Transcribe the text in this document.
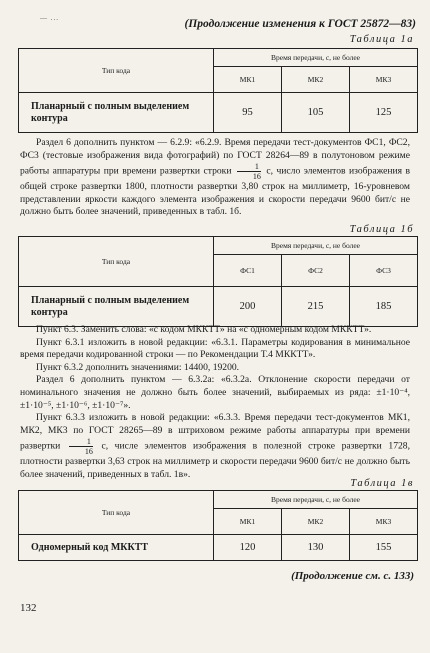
— ...	(Продолжение изменения к ГОСТ 25872—83)
Таблица 1а
Тип кода	Время передачи, с, не более		
	МК1	МК2	МК3
Планарный с полным выделением контура	95	105	125

Раздел 6 дополнить пунктом — 6.2.9: «6.2.9. Время передачи тест-документов ФС1, ФС2, ФС3 (тестовые изображения вида фотографий) по ГОСТ 28264—89 в полутоновом режиме работы аппаратуры при времени развертки строки $\frac{1}{16} с$, число элементов изображения в общей строке развертки 1800, плотности развертки 3,80 строк на миллиметр, 16-уровневом представлении яркости каждого элемента изображения и скорости передачи 9600 бит/с не должно быть более значений, приведенных в табл. 1б.

Таблица 1б
Тип кода	Время передачи, с, не более		
	ФС1	ФС2	ФС3
Планарный с полным выделением контура	200	215	185

Пункт 6.3. Заменить слова: «с кодом МККТТ» на «с одномерным кодом МККТТ».

Пункт 6.3.1 изложить в новой редакции: «6.3.1. Параметры кодирования в минимальное время передачи кодированной строки — по Рекомендации Т.4 МККТТ».

Пункт 6.3.2 дополнить значениями: 14400, 19200.

Раздел 6 дополнить пунктом — 6.3.2а: «6.3.2а. Отклонение скорости передачи от номинального значения не должно быть более значений, выбираемых из ряда: ±1·10⁻⁴, ±1·10⁻⁵, ±1·10⁻⁶, ±1·10⁻⁷».

Пункт 6.3.3 изложить в новой редакции: «6.3.3. Время передачи тест-документов МК1, МК2, МК3 по ГОСТ 28265—89 в штриховом режиме работы аппаратуры при времени развертки $\frac{1}{16} с$, числе элементов изображения в полезной строке развертки 1728, плотности развертки 3,63 строк на миллиметр и скорости передачи 9600 бит/с не должно быть более значений, приведенных в табл. 1в».

Таблица 1в
Тип кода	Время передачи, с, не более		
	МК1	МК2	МК3
Одномерный код МККТТ	120	130	155
(Продолжение см. с. 133)
132
